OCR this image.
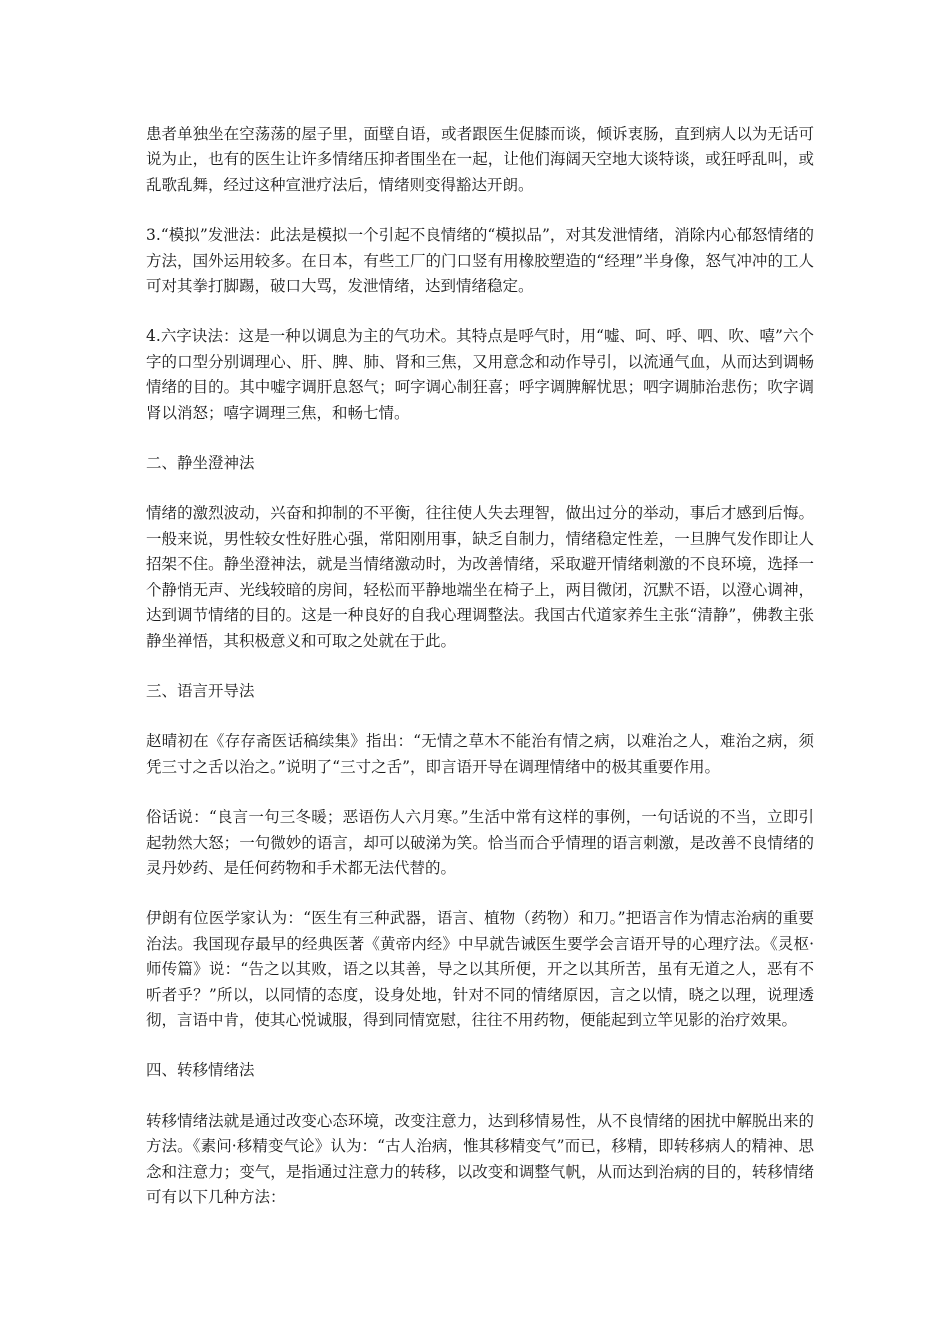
患者单独坐在空荡荡的屋子里，面壁自语，或者跟医生促膝而谈，倾诉衷肠，直到病人以为无话可说为止，也有的医生让许多情绪压抑者围坐在一起，让他们海阔天空地大谈特谈，或狂呼乱叫，或乱歌乱舞，经过这种宣泄疗法后，情绪则变得豁达开朗。

3.“模拟”发泄法：此法是模拟一个引起不良情绪的“模拟品”，对其发泄情绪，消除内心郁怒情绪的方法，国外运用较多。在日本，有些工厂的门口竖有用橡胶塑造的“经理”半身像，怒气冲冲的工人可对其拳打脚踢，破口大骂，发泄情绪，达到情绪稳定。

4.六字诀法：这是一种以调息为主的气功术。其特点是呼气时，用“嘘、呵、呼、呬、吹、嘻”六个字的口型分别调理心、肝、脾、肺、肾和三焦，又用意念和动作导引，以流通气血，从而达到调畅情绪的目的。其中嘘字调肝息怒气；呵字调心制狂喜；呼字调脾解忧思；呬字调肺治悲伤；吹字调肾以消怒；嘻字调理三焦，和畅七情。

二、静坐澄神法

情绪的激烈波动，兴奋和抑制的不平衡，往往使人失去理智，做出过分的举动，事后才感到后悔。一般来说，男性较女性好胜心强，常阳刚用事，缺乏自制力，情绪稳定性差，一旦脾气发作即让人招架不住。静坐澄神法，就是当情绪激动时，为改善情绪，采取避开情绪刺激的不良环境，选择一个静悄无声、光线较暗的房间，轻松而平静地端坐在椅子上，两目微闭，沉默不语，以澄心调神，达到调节情绪的目的。这是一种良好的自我心理调整法。我国古代道家养生主张“清静”，佛教主张静坐禅悟，其积极意义和可取之处就在于此。

三、语言开导法

赵晴初在《存存斋医话稿续集》指出：“无情之草木不能治有情之病，以难治之人，难治之病，须凭三寸之舌以治之。”说明了“三寸之舌”，即言语开导在调理情绪中的极其重要作用。

俗话说：“良言一句三冬暖；恶语伤人六月寒。”生活中常有这样的事例，一句话说的不当，立即引起勃然大怒；一句微妙的语言，却可以破涕为笑。恰当而合乎情理的语言刺激，是改善不良情绪的灵丹妙药、是任何药物和手术都无法代替的。

伊朗有位医学家认为：“医生有三种武器，语言、植物（药物）和刀。”把语言作为情志治病的重要治法。我国现存最早的经典医著《黄帝内经》中早就告诫医生要学会言语开导的心理疗法。《灵枢·师传篇》说：“告之以其败，语之以其善，导之以其所便，开之以其所苦，虽有无道之人，恶有不听者乎？”所以，以同情的态度，设身处地，针对不同的情绪原因，言之以情，晓之以理，说理透彻，言语中肯，使其心悦诚服，得到同情宽慰，往往不用药物，便能起到立竿见影的治疗效果。

四、转移情绪法

转移情绪法就是通过改变心态环境，改变注意力，达到移情易性，从不良情绪的困扰中解脱出来的方法。《素问·移精变气论》认为：“古人治病，惟其移精变气”而已，移精，即转移病人的精神、思念和注意力；变气，是指通过注意力的转移，以改变和调整气帆，从而达到治病的目的，转移情绪可有以下几种方法：
